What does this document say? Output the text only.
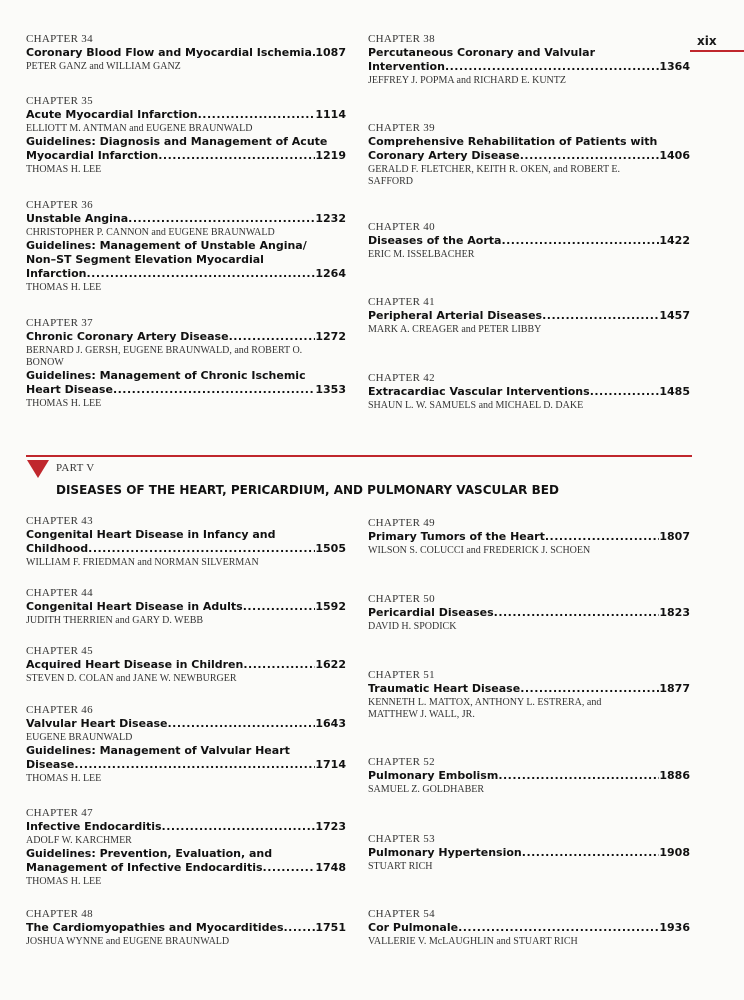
xix
CHAPTER 34
Coronary Blood Flow and Myocardial Ischemia ..... 1087
PETER GANZ and WILLIAM GANZ
CHAPTER 35
Acute Myocardial Infarction .....	1114
ELLIOTT M. ANTMAN and EUGENE BRAUNWALD
Guidelines: Diagnosis and Management of Acute
Myocardial Infarction .....	1219
THOMAS H. LEE
CHAPTER 36
Unstable Angina .....	1232
CHRISTOPHER P. CANNON and EUGENE BRAUNWALD
Guidelines: Management of Unstable Angina/
Non–ST Segment Elevation Myocardial
Infarction .....	1264
THOMAS H. LEE
CHAPTER 37
Chronic Coronary Artery Disease .....	1272
BERNARD J. GERSH, EUGENE BRAUNWALD, and ROBERT O.
BONOW
Guidelines: Management of Chronic Ischemic
Heart Disease .....	1353
THOMAS H. LEE
CHAPTER 38
Percutaneous Coronary and Valvular
Intervention .....	1364
JEFFREY J. POPMA and RICHARD E. KUNTZ
CHAPTER 39
Comprehensive Rehabilitation of Patients with
Coronary Artery Disease .....	1406
GERALD F. FLETCHER, KEITH R. OKEN, and ROBERT E.
SAFFORD
CHAPTER 40
Diseases of the Aorta .....	1422
ERIC M. ISSELBACHER
CHAPTER 41
Peripheral Arterial Diseases .....	1457
MARK A. CREAGER and PETER LIBBY
CHAPTER 42
Extracardiac Vascular Interventions .....	1485
SHAUN L. W. SAMUELS and MICHAEL D. DAKE
PART V
DISEASES OF THE HEART, PERICARDIUM, AND PULMONARY VASCULAR BED
CHAPTER 43
Congenital Heart Disease in Infancy and
Childhood .....	1505
WILLIAM F. FRIEDMAN and NORMAN SILVERMAN
CHAPTER 44
Congenital Heart Disease in Adults .....	1592
JUDITH THERRIEN and GARY D. WEBB
CHAPTER 45
Acquired Heart Disease in Children .....	1622
STEVEN D. COLAN and JANE W. NEWBURGER
CHAPTER 46
Valvular Heart Disease .....	1643
EUGENE BRAUNWALD
Guidelines: Management of Valvular Heart
Disease .....	1714
THOMAS H. LEE
CHAPTER 47
Infective Endocarditis .....	1723
ADOLF W. KARCHMER
Guidelines: Prevention, Evaluation, and
Management of Infective Endocarditis .....	1748
THOMAS H. LEE
CHAPTER 48
The Cardiomyopathies and Myocarditides .....	1751
JOSHUA WYNNE and EUGENE BRAUNWALD
CHAPTER 49
Primary Tumors of the Heart .....	1807
WILSON S. COLUCCI and FREDERICK J. SCHOEN
CHAPTER 50
Pericardial Diseases .....	1823
DAVID H. SPODICK
CHAPTER 51
Traumatic Heart Disease .....	1877
KENNETH L. MATTOX, ANTHONY L. ESTRERA, and
MATTHEW J. WALL, JR.
CHAPTER 52
Pulmonary Embolism .....	1886
SAMUEL Z. GOLDHABER
CHAPTER 53
Pulmonary Hypertension .....	1908
STUART RICH
CHAPTER 54
Cor Pulmonale .....	1936
VALLERIE V. McLAUGHLIN and STUART RICH
